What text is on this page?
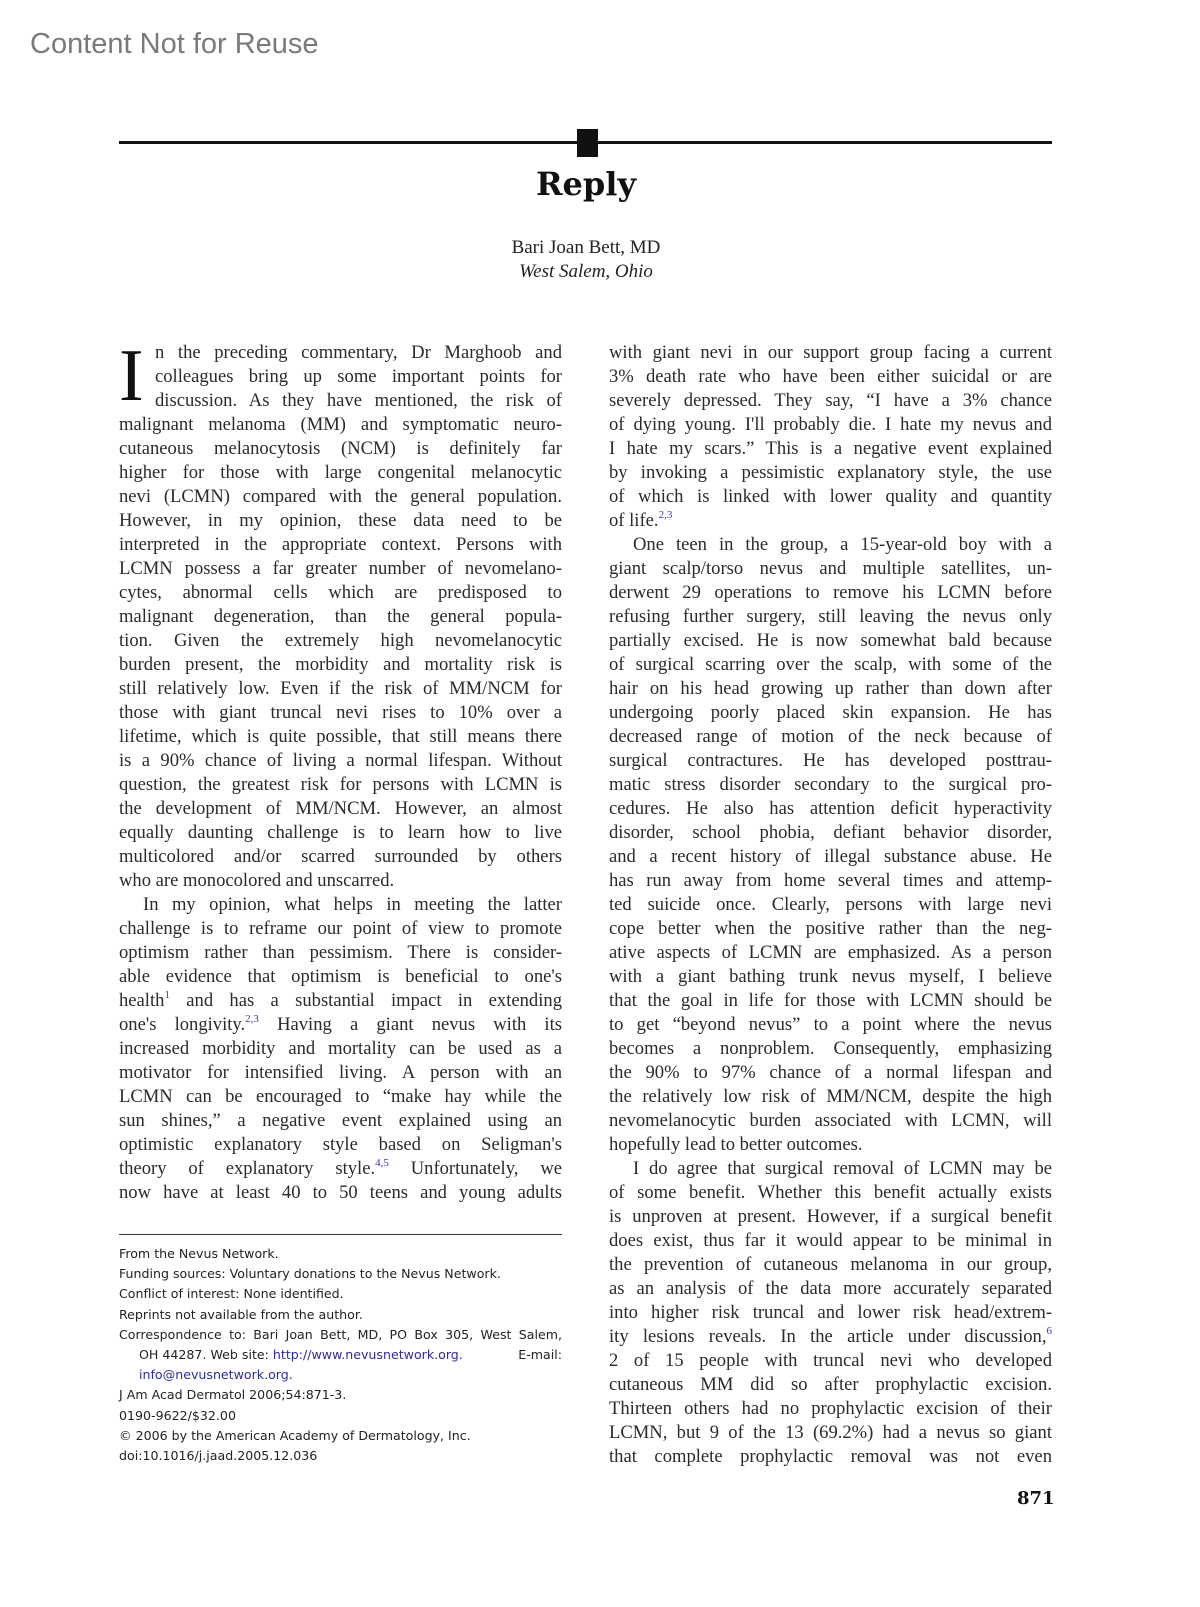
Content Not for Reuse
Reply
Bari Joan Bett, MD
West Salem, Ohio
I n the preceding commentary, Dr Marghoob and
colleagues bring up some important points for
discussion. As they have mentioned, the risk of
malignant melanoma (MM) and symptomatic neuro-
cutaneous melanocytosis (NCM) is definitely far
higher for those with large congenital melanocytic
nevi (LCMN) compared with the general population.
However, in my opinion, these data need to be
interpreted in the appropriate context. Persons with
LCMN possess a far greater number of nevomelano-
cytes, abnormal cells which are predisposed to
malignant degeneration, than the general popula-
tion. Given the extremely high nevomelanocytic
burden present, the morbidity and mortality risk is
still relatively low. Even if the risk of MM/NCM for
those with giant truncal nevi rises to 10% over a
lifetime, which is quite possible, that still means there
is a 90% chance of living a normal lifespan. Without
question, the greatest risk for persons with LCMN is
the development of MM/NCM. However, an almost
equally daunting challenge is to learn how to live
multicolored and/or scarred surrounded by others
who are monocolored and unscarred.
In my opinion, what helps in meeting the latter
challenge is to reframe our point of view to promote
optimism rather than pessimism. There is consider-
able evidence that optimism is beneficial to one's
health$^1$ and has a substantial impact in extending
one's longivity.$^{2,3}$ Having a giant nevus with its
increased morbidity and mortality can be used as a
motivator for intensified living. A person with an
LCMN can be encouraged to “make hay while the
sun shines,” a negative event explained using an
optimistic explanatory style based on Seligman's
theory of explanatory style.$^{4,5}$ Unfortunately, we
now have at least 40 to 50 teens and young adults
with giant nevi in our support group facing a current
3% death rate who have been either suicidal or are
severely depressed. They say, “I have a 3% chance
of dying young. I'll probably die. I hate my nevus and
I hate my scars.” This is a negative event explained
by invoking a pessimistic explanatory style, the use
of which is linked with lower quality and quantity
of life.$^{2,3}$
One teen in the group, a 15-year-old boy with a
giant scalp/torso nevus and multiple satellites, un-
derwent 29 operations to remove his LCMN before
refusing further surgery, still leaving the nevus only
partially excised. He is now somewhat bald because
of surgical scarring over the scalp, with some of the
hair on his head growing up rather than down after
undergoing poorly placed skin expansion. He has
decreased range of motion of the neck because of
surgical contractures. He has developed posttrau-
matic stress disorder secondary to the surgical pro-
cedures. He also has attention deficit hyperactivity
disorder, school phobia, defiant behavior disorder,
and a recent history of illegal substance abuse. He
has run away from home several times and attemp-
ted suicide once. Clearly, persons with large nevi
cope better when the positive rather than the neg-
ative aspects of LCMN are emphasized. As a person
with a giant bathing trunk nevus myself, I believe
that the goal in life for those with LCMN should be
to get “beyond nevus” to a point where the nevus
becomes a nonproblem. Consequently, emphasizing
the 90% to 97% chance of a normal lifespan and
the relatively low risk of MM/NCM, despite the high
nevomelanocytic burden associated with LCMN, will
hopefully lead to better outcomes.
I do agree that surgical removal of LCMN may be
of some benefit. Whether this benefit actually exists
is unproven at present. However, if a surgical benefit
does exist, thus far it would appear to be minimal in
the prevention of cutaneous melanoma in our group,
as an analysis of the data more accurately separated
into higher risk truncal and lower risk head/extrem-
ity lesions reveals. In the article under discussion,$^6$
2 of 15 people with truncal nevi who developed
cutaneous MM did so after prophylactic excision.
Thirteen others had no prophylactic excision of their
LCMN, but 9 of the 13 (69.2%) had a nevus so giant
that complete prophylactic removal was not even
From the Nevus Network.
Funding sources: Voluntary donations to the Nevus Network.
Conflict of interest: None identified.
Reprints not available from the author.
Correspondence to: Bari Joan Bett, MD, PO Box 305, West Salem,
OH 44287. Web site: http://www.nevusnetwork.org.	E-mail:
info@nevusnetwork.org.
J Am Acad Dermatol 2006;54:871-3.
0190-9622/$32.00
© 2006 by the American Academy of Dermatology, Inc.
doi:10.1016/j.jaad.2005.12.036
871
